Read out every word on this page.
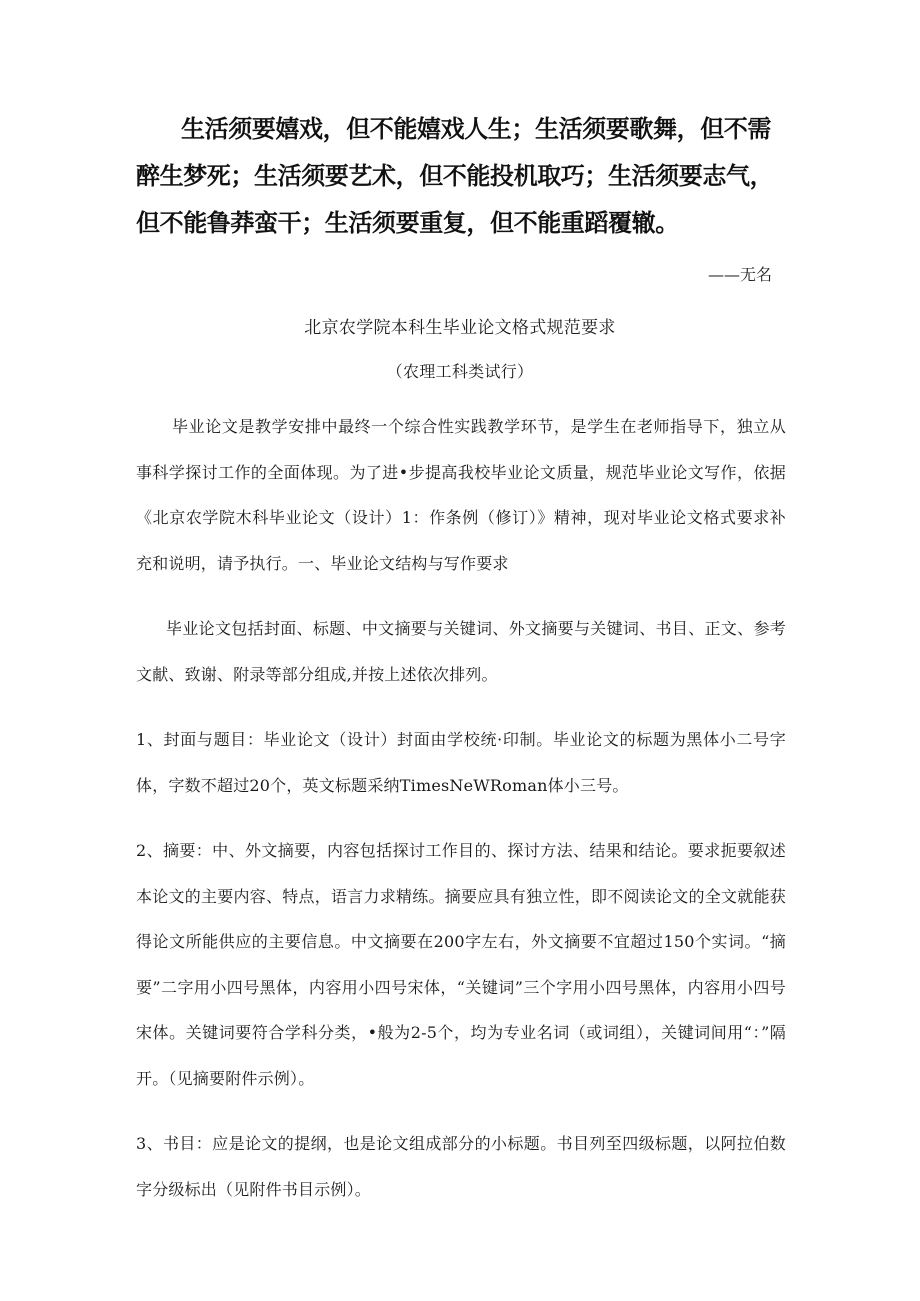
生活须要嬉戏，但不能嬉戏人生；生活须要歌舞，但不需醉生梦死；生活须要艺术，但不能投机取巧；生活须要志气，但不能鲁莽蛮干；生活须要重复，但不能重蹈覆辙。

——无名

北京农学院本科生毕业论文格式规范要求
（农理工科类试行）

毕业论文是教学安排中最终一个综合性实践教学环节，是学生在老师指导下，独立从事科学探讨工作的全面体现。为了进•步提高我校毕业论文质量，规范毕业论文写作，依据《北京农学院木科毕业论文（设计）1：作条例（修订）》精神，现对毕业论文格式要求补充和说明，请予执行。一、毕业论文结构与写作要求

毕业论文包括封面、标题、中文摘要与关键词、外文摘要与关键词、书目、正文、参考文献、致谢、附录等部分组成,并按上述依次排列。

1、封面与题目：毕业论文（设计）封面由学校统·印制。毕业论文的标题为黑体小二号字体，字数不超过20个，英文标题采纳TimesNeWRoman体小三号。

2、摘要：中、外文摘要，内容包括探讨工作目的、探讨方法、结果和结论。要求扼要叙述本论文的主要内容、特点，语言力求精练。摘要应具有独立性，即不阅读论文的全文就能获得论文所能供应的主要信息。中文摘要在200字左右，外文摘要不宜超过150个实词。“摘要”二字用小四号黑体，内容用小四号宋体，“关键词”三个字用小四号黑体，内容用小四号宋体。关键词要符合学科分类，•般为2-5个，均为专业名词（或词组），关键词间用“：”隔开。（见摘要附件示例）。

3、书目：应是论文的提纲，也是论文组成部分的小标题。书目列至四级标题，以阿拉伯数字分级标出（见附件书目示例）。
